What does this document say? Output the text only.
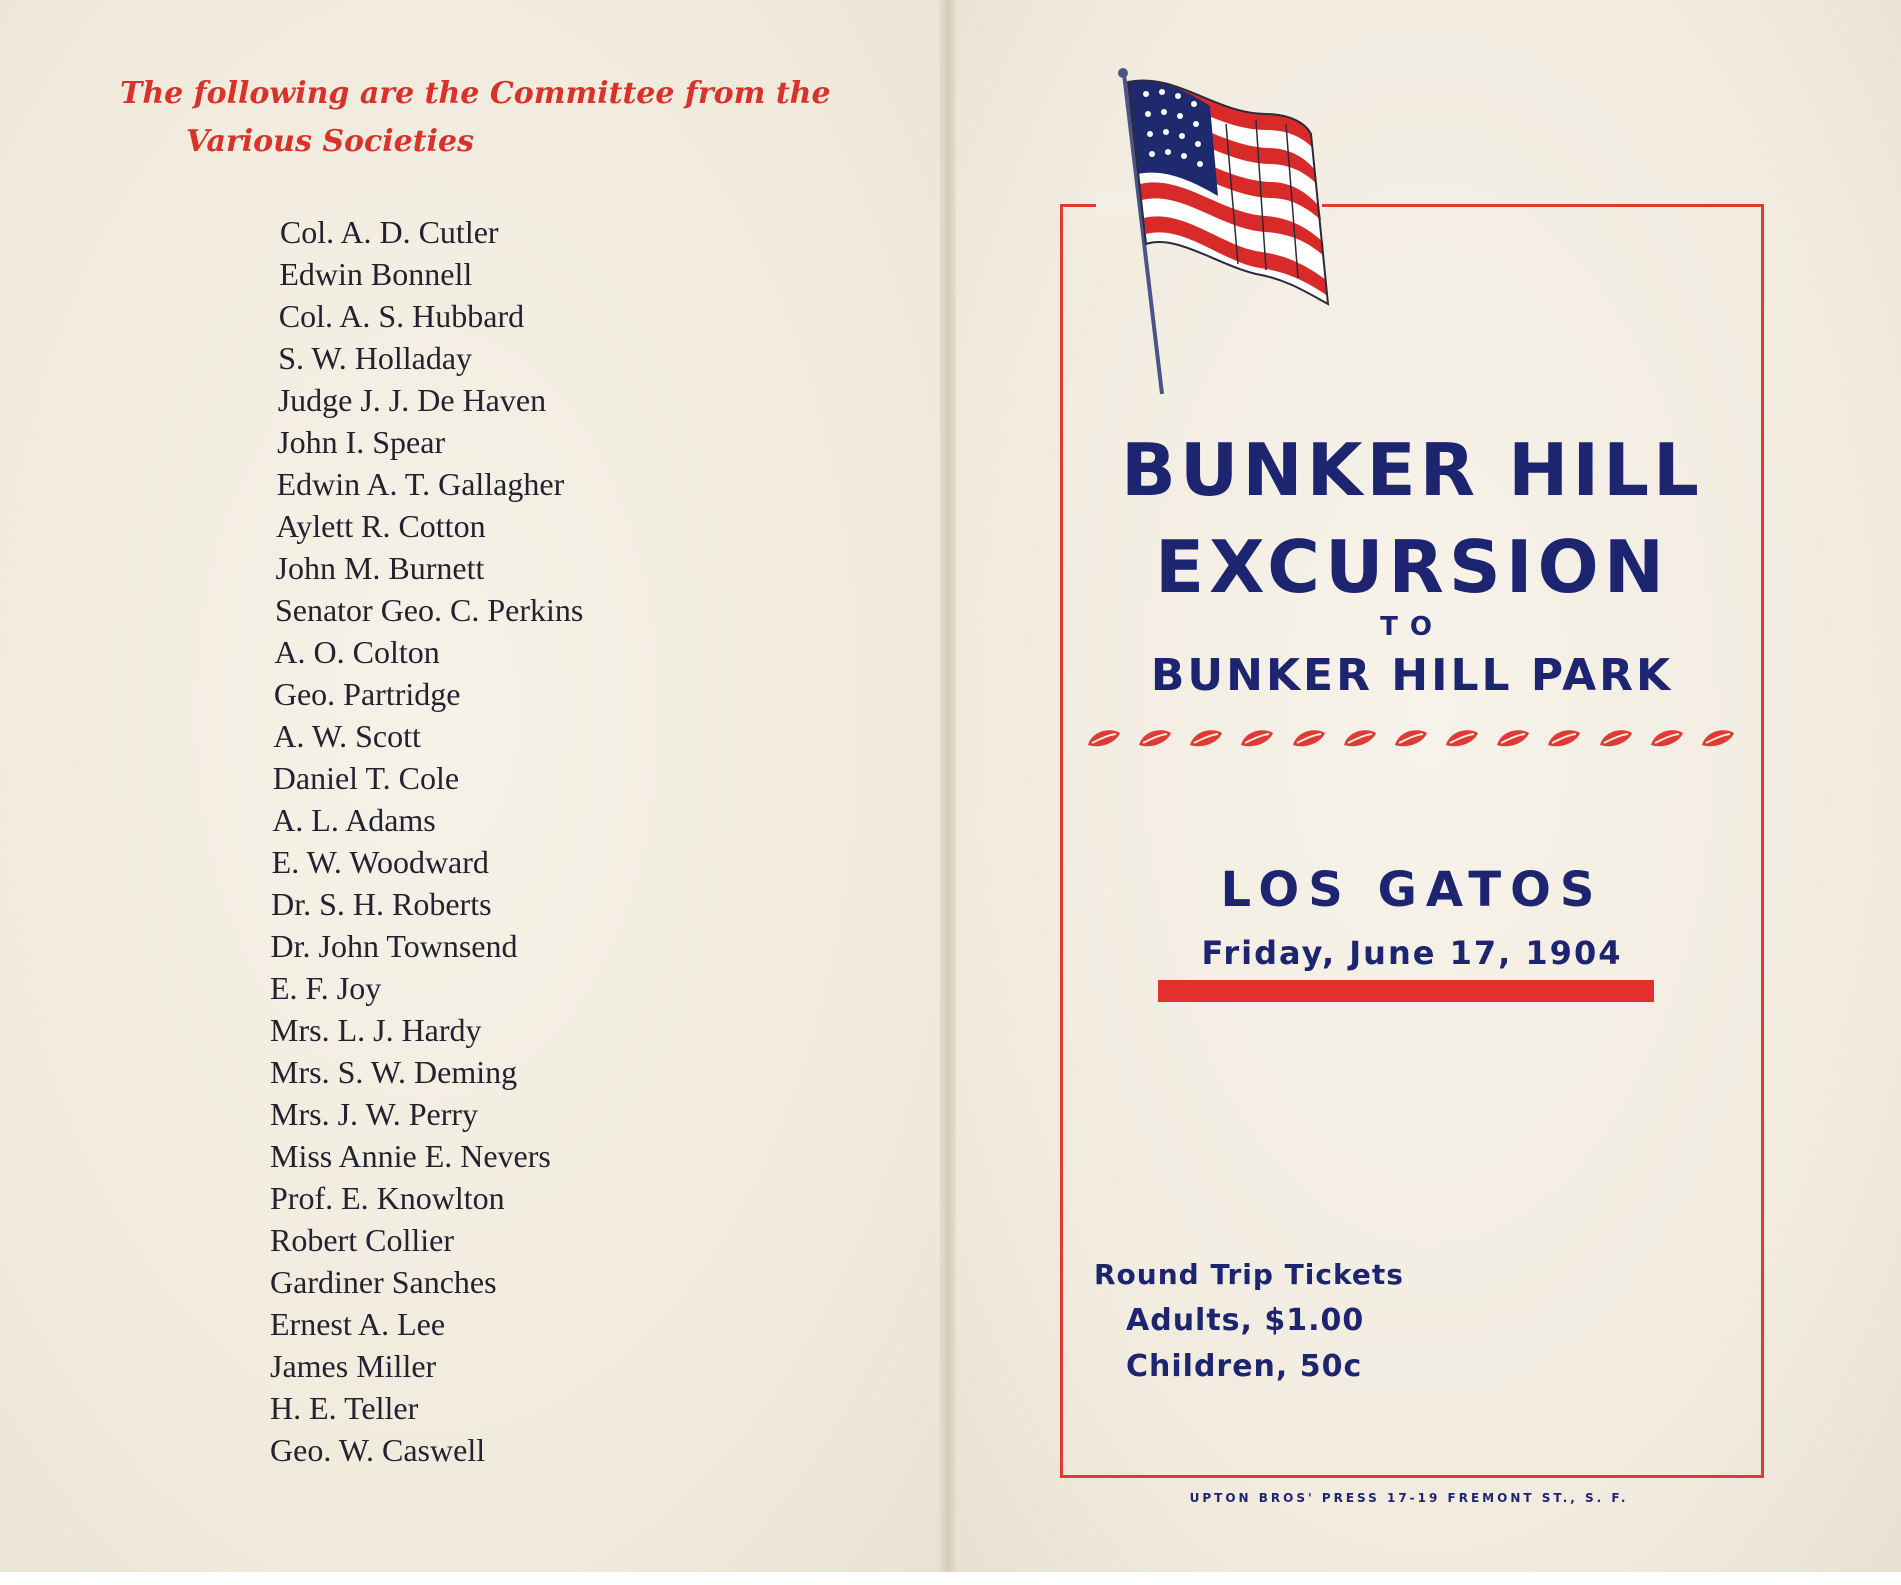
The following are the Committee from the
Various Societies
Col. A. D. Cutler
Edwin Bonnell
Col. A. S. Hubbard
S. W. Holladay
Judge J. J. De Haven
John I. Spear
Edwin A. T. Gallagher
Aylett R. Cotton
John M. Burnett
Senator Geo. C. Perkins
A. O. Colton
Geo. Partridge
A. W. Scott
Daniel T. Cole
A. L. Adams
E. W. Woodward
Dr. S. H. Roberts
Dr. John Townsend
E. F. Joy
Mrs. L. J. Hardy
Mrs. S. W. Deming
Mrs. J. W. Perry
Miss Annie E. Nevers
Prof. E. Knowlton
Robert Collier
Gardiner Sanches
Ernest A. Lee
James Miller
H. E. Teller
Geo. W. Caswell
BUNKER HILL
EXCURSION
TO
BUNKER HILL PARK
LOS GATOS
Friday, June 17, 1904
Round Trip Tickets
Adults, $1.00
Children, 50c
UPTON BROS' PRESS 17-19 FREMONT ST., S. F.
